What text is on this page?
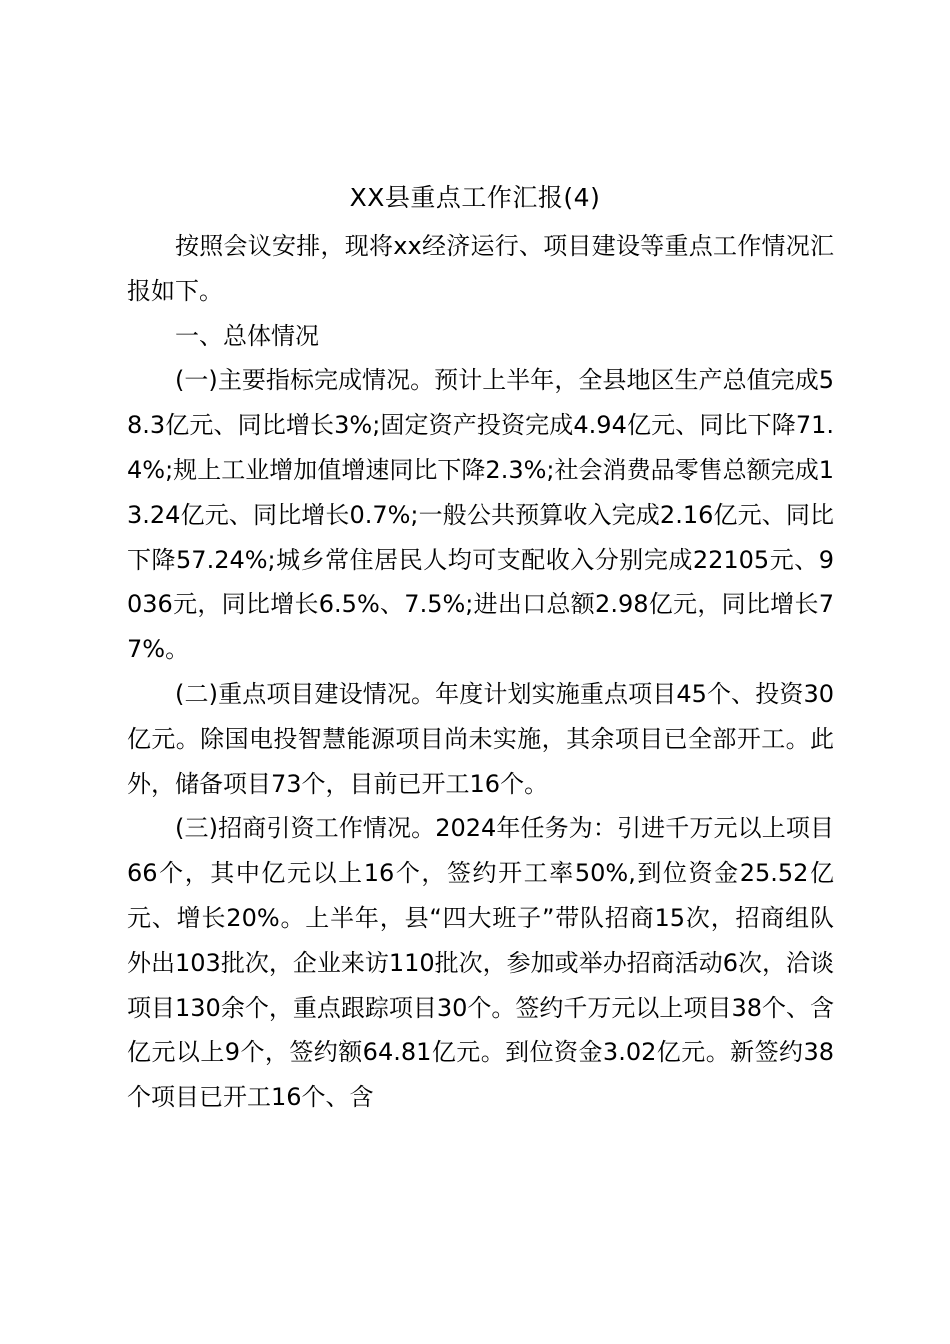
XX县重点工作汇报(4)

按照会议安排，现将xx经济运行、项目建设等重点工作情况汇报如下。

一、总体情况

(一)主要指标完成情况。预计上半年，全县地区生产总值完成58.3亿元、同比增长3%;固定资产投资完成4.94亿元、同比下降71.4%;规上工业增加值增速同比下降2.3%;社会消费品零售总额完成13.24亿元、同比增长0.7%;一般公共预算收入完成2.16亿元、同比下降57.24%;城乡常住居民人均可支配收入分别完成22105元、9036元，同比增长6.5%、7.5%;进出口总额2.98亿元，同比增长77%。

(二)重点项目建设情况。年度计划实施重点项目45个、投资30亿元。除国电投智慧能源项目尚未实施，其余项目已全部开工。此外，储备项目73个，目前已开工16个。

(三)招商引资工作情况。2024年任务为：引进千万元以上项目66个，其中亿元以上16个，签约开工率50%,到位资金25.52亿元、增长20%。上半年，县“四大班子”带队招商15次，招商组队外出103批次，企业来访110批次，参加或举办招商活动6次，洽谈项目130余个，重点跟踪项目30个。签约千万元以上项目38个、含亿元以上9个，签约额64.81亿元。到位资金3.02亿元。新签约38个项目已开工16个、含
